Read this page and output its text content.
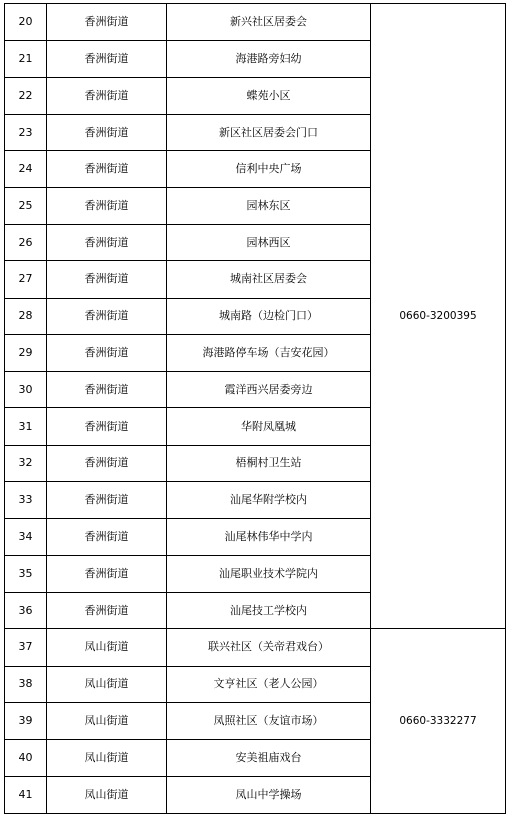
20	香洲街道	新兴社区居委会	0660-3200395
21	香洲街道	海港路旁妇幼	
22	香洲街道	蝶苑小区	
23	香洲街道	新区社区居委会门口	
24	香洲街道	信利中央广场	
25	香洲街道	园林东区	
26	香洲街道	园林西区	
27	香洲街道	城南社区居委会	
28	香洲街道	城南路（边检门口）	
29	香洲街道	海港路停车场（吉安花园）	
30	香洲街道	霞洋西兴居委旁边	
31	香洲街道	华附凤凰城	
32	香洲街道	梧桐村卫生站	
33	香洲街道	汕尾华附学校内	
34	香洲街道	汕尾林伟华中学内	
35	香洲街道	汕尾职业技术学院内	
36	香洲街道	汕尾技工学校内	
37	凤山街道	联兴社区（关帝君戏台）	0660-3332277
38	凤山街道	文亨社区（老人公园）	
39	凤山街道	凤照社区（友谊市场）	
40	凤山街道	安美祖庙戏台	
41	凤山街道	凤山中学操场	
